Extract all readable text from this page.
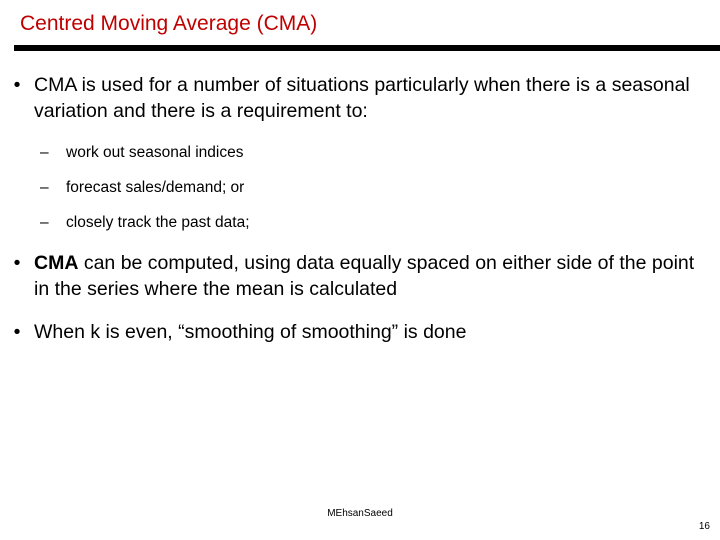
Centred Moving Average (CMA)
• CMA is used for a number of situations particularly when there is a seasonal variation and there is a requirement to:
–	work out seasonal indices
–	forecast sales/demand; or
–	closely track the past data;
• CMA can be computed, using data equally spaced on either side of the point in the series where the mean is calculated
• When k is even, “smoothing of smoothing” is done
MEhsanSaeed
16
